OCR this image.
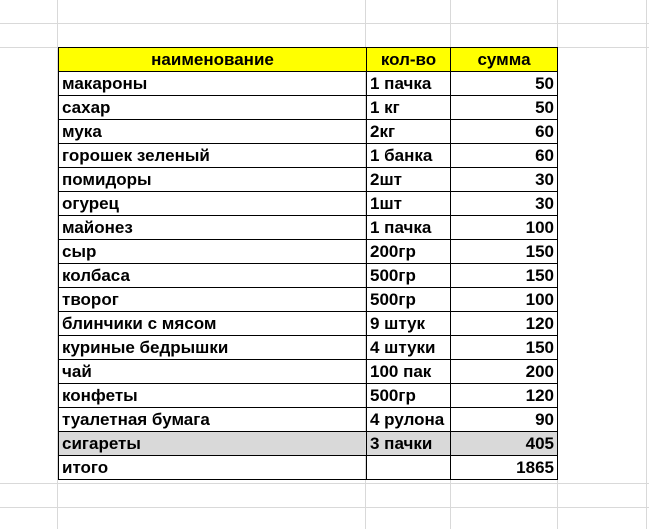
наименование	кол-во	сумма
макароны	1 пачка	50
сахар	1 кг	50
мука	2кг	60
горошек зеленый	1 банка	60
помидоры	2шт	30
огурец	1шт	30
майонез	1 пачка	100
сыр	200гр	150
колбаса	500гр	150
творог	500гр	100
блинчики с мясом	9 штук	120
куриные бедрышки	4 штуки	150
чай	100 пак	200
конфеты	500гр	120
туалетная бумага	4 рулона	90
сигареты	3 пачки	405
итого		1865
